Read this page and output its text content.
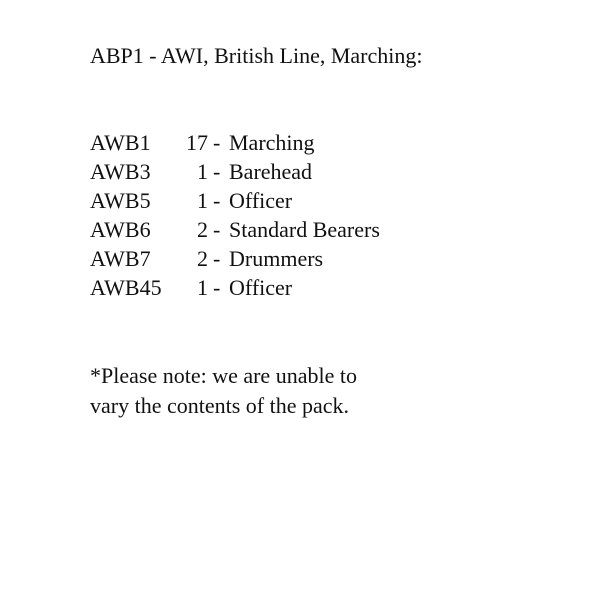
ABP1 - AWI, British Line, Marching:
AWB1	17 - Marching
AWB3	1 - Barehead
AWB5	1 - Officer
AWB6	2 - Standard Bearers
AWB7	2 - Drummers
AWB45	1 - Officer
*Please note: we are unable to
vary the contents of the pack.
